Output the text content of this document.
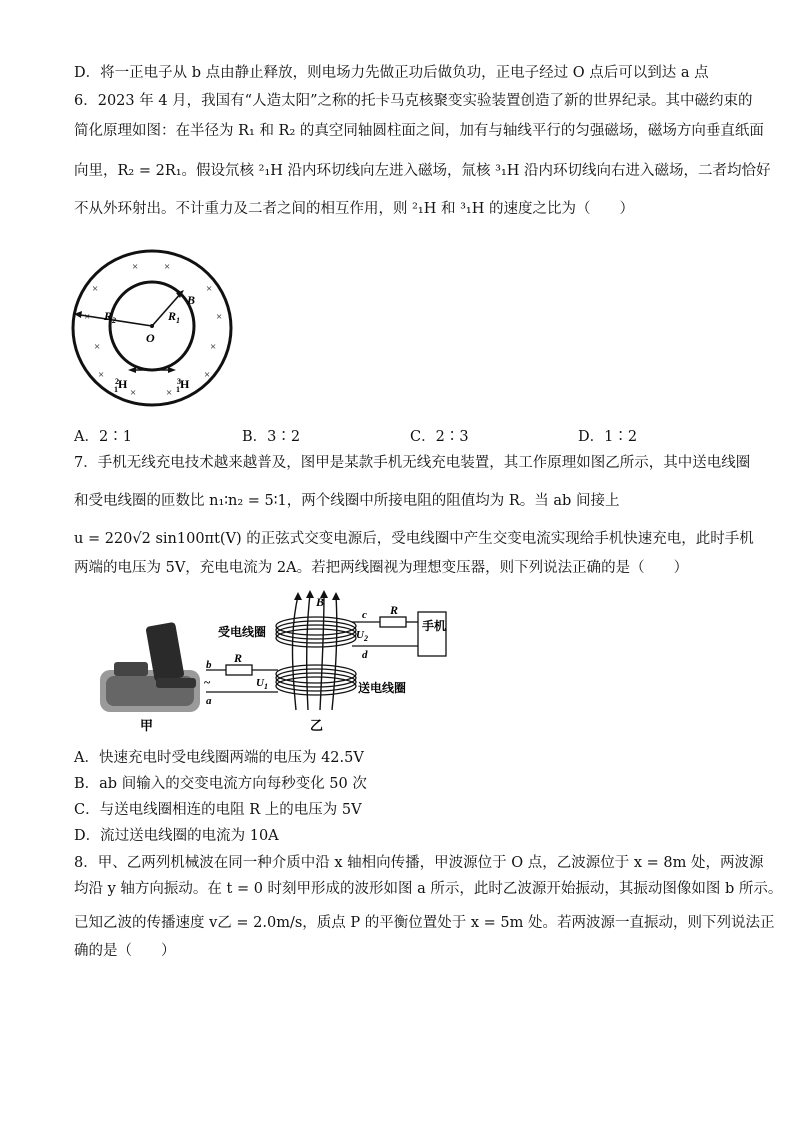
D．将一正电子从 b 点由静止释放，则电场力先做正功后做负功，正电子经过 O 点后可以到达 a 点
6．2023 年 4 月，我国有“人造太阳”之称的托卡马克核聚变实验装置创造了新的世界纪录。其中磁约束的
简化原理如图：在半径为 R₁ 和 R₂ 的真空同轴圆柱面之间，加有与轴线平行的匀强磁场，磁场方向垂直纸面
向里，R₂ = 2R₁。假设氘核 ²₁H 沿内环切线向左进入磁场，氚核 ³₁H 沿内环切线向右进入磁场，二者均恰好
不从外环射出。不计重力及二者之间的相互作用，则 ²₁H 和 ³₁H 的速度之比为（　　）
× ×
×	×
×	×
×	×
×	×
×	×
B
$R_1$
$R_2$
O
$^2$ 1H	$^3$ 1H
A．2∶1	B．3∶2	C．2∶3	D．1∶2
7．手机无线充电技术越来越普及，图甲是某款手机无线充电装置，其工作原理如图乙所示，其中送电线圈
和受电线圈的匝数比 n₁∶n₂ = 5∶1，两个线圈中所接电阻的阻值均为 R。当 ab 间接上
u = 220√2 sin100πt(V) 的正弦式交变电源后，受电线圈中产生交变电流实现给手机快速充电，此时手机
两端的电压为 5V，充电电流为 2A。若把两线圈视为理想变压器，则下列说法正确的是（　　）
甲
B
受电线圈
送电线圈
手机
R
c
d
$U_2$
R
b
~
a
$U_1$
乙
A．快速充电时受电线圈两端的电压为 42.5V
B．ab 间输入的交变电流方向每秒变化 50 次
C．与送电线圈相连的电阻 R 上的电压为 5V
D．流过送电线圈的电流为 10A
8．甲、乙两列机械波在同一种介质中沿 x 轴相向传播，甲波源位于 O 点，乙波源位于 x = 8m 处，两波源
均沿 y 轴方向振动。在 t = 0 时刻甲形成的波形如图 a 所示，此时乙波源开始振动，其振动图像如图 b 所示。
已知乙波的传播速度 v乙 = 2.0m/s，质点 P 的平衡位置处于 x = 5m 处。若两波源一直振动，则下列说法正
确的是（　　）
